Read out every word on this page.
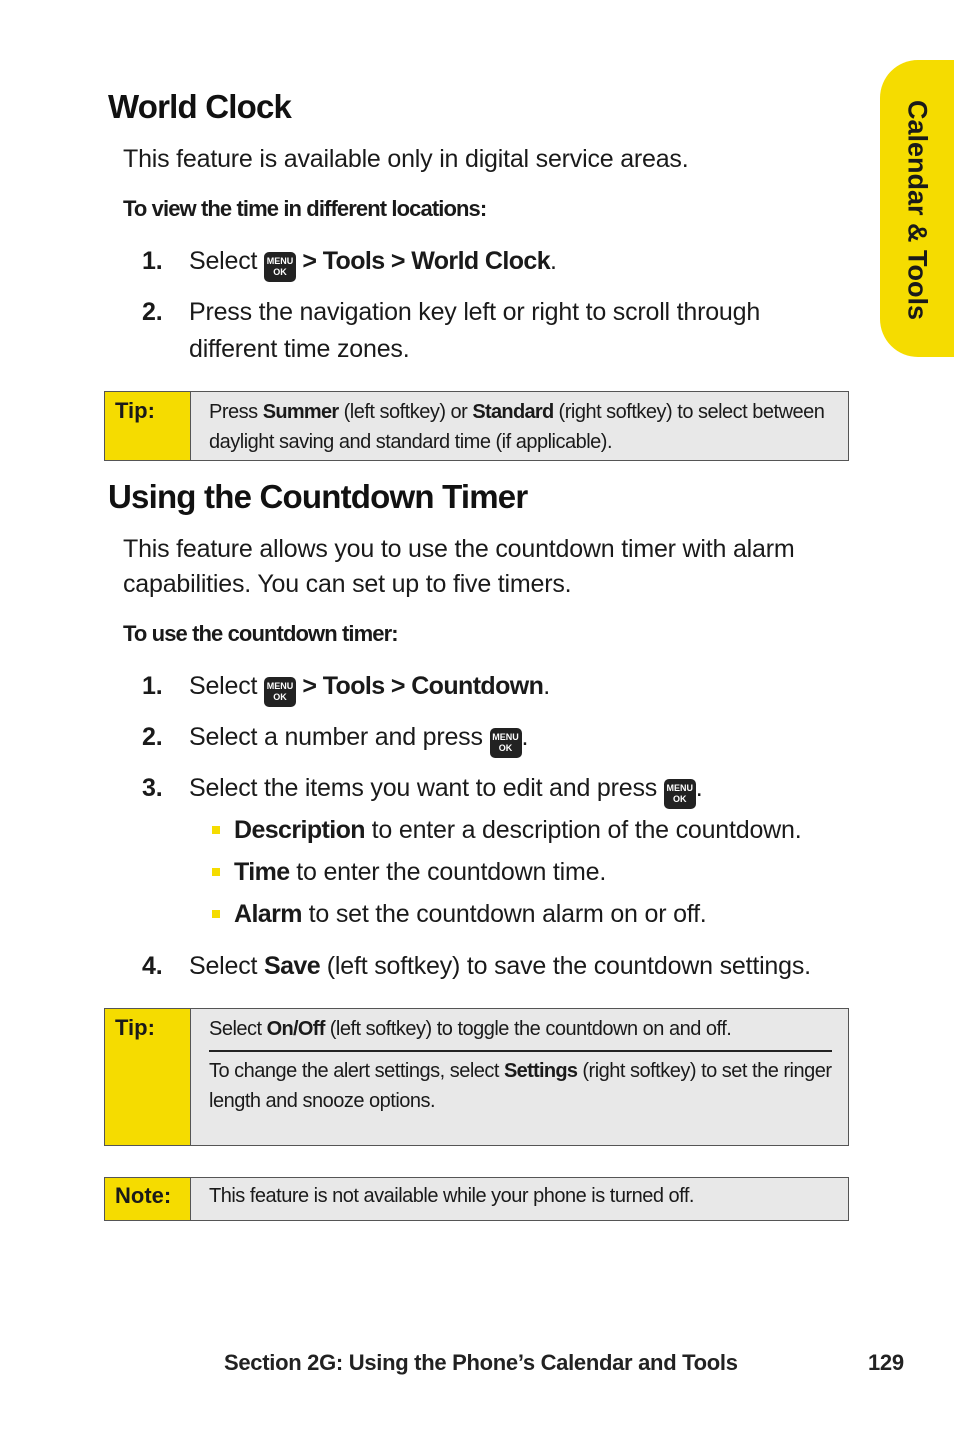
Calendar & Tools
World Clock

This feature is available only in digital service areas.

To view the time in different locations:

1. Select MENU
OK > Tools > World Clock.
2. Press the navigation key left or right to scroll through different time zones.
Tip:	Press Summer (left softkey) or Standard (right softkey) to select between daylight saving and standard time (if applicable).
Using the Countdown Timer

This feature allows you to use the countdown timer with alarm capabilities. You can set up to five timers.

To use the countdown timer:

1. Select MENU
OK > Tools > Countdown.
2. Select a number and press MENU
OK .
3. Select the items you want to edit and press MENU
OK .
Description to enter a description of the countdown.
Time to enter the countdown time.
Alarm to set the countdown alarm on or off.
4. Select Save (left softkey) to save the countdown settings.
Tip:	Select On/Off (left softkey) to toggle the countdown on and off.
To change the alert settings, select Settings (right softkey) to set the ringer length and snooze options.
Note:	This feature is not available while your phone is turned off.
Section 2G: Using the Phone’s Calendar and Tools	129
